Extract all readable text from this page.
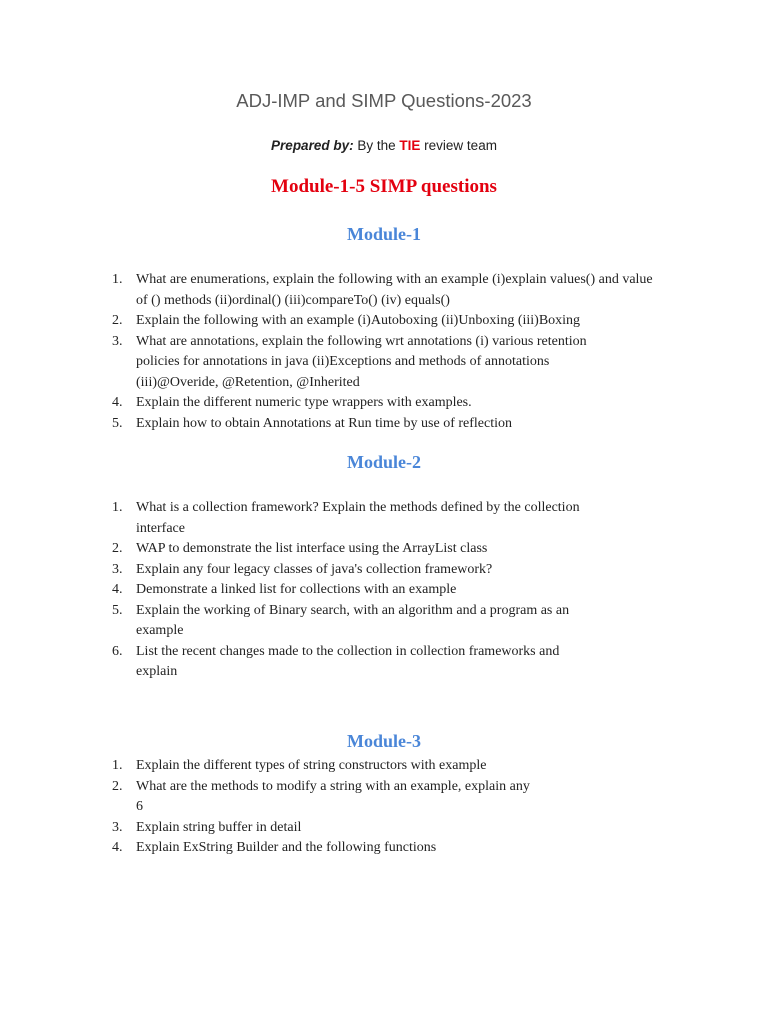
ADJ-IMP and SIMP Questions-2023
Prepared by: By the TIE review team
Module-1-5 SIMP questions
Module-1
1. What are enumerations, explain the following with an example (i)explain values() and value of () methods (ii)ordinal() (iii)compareTo() (iv) equals()
2. Explain the following with an example (i)Autoboxing (ii)Unboxing (iii)Boxing
3. What are annotations, explain the following wrt annotations (i) various retention policies for annotations in java (ii)Exceptions and methods of annotations (iii)@Overide, @Retention, @Inherited
4. Explain the different numeric type wrappers with examples.
5. Explain how to obtain Annotations at Run time by use of reflection
Module-2
1. What is a collection framework? Explain the methods defined by the collection interface
2. WAP to demonstrate the list interface using the ArrayList class
3. Explain any four legacy classes of java's collection framework?
4. Demonstrate a linked list for collections with an example
5. Explain the working of Binary search, with an algorithm and a program as an example
6. List the recent changes made to the collection in collection frameworks and explain
Module-3
1. Explain the different types of string constructors with example
2. What are the methods to modify a string with an example, explain any 6
3. Explain string buffer in detail
4. Explain ExString Builder and the following functions
